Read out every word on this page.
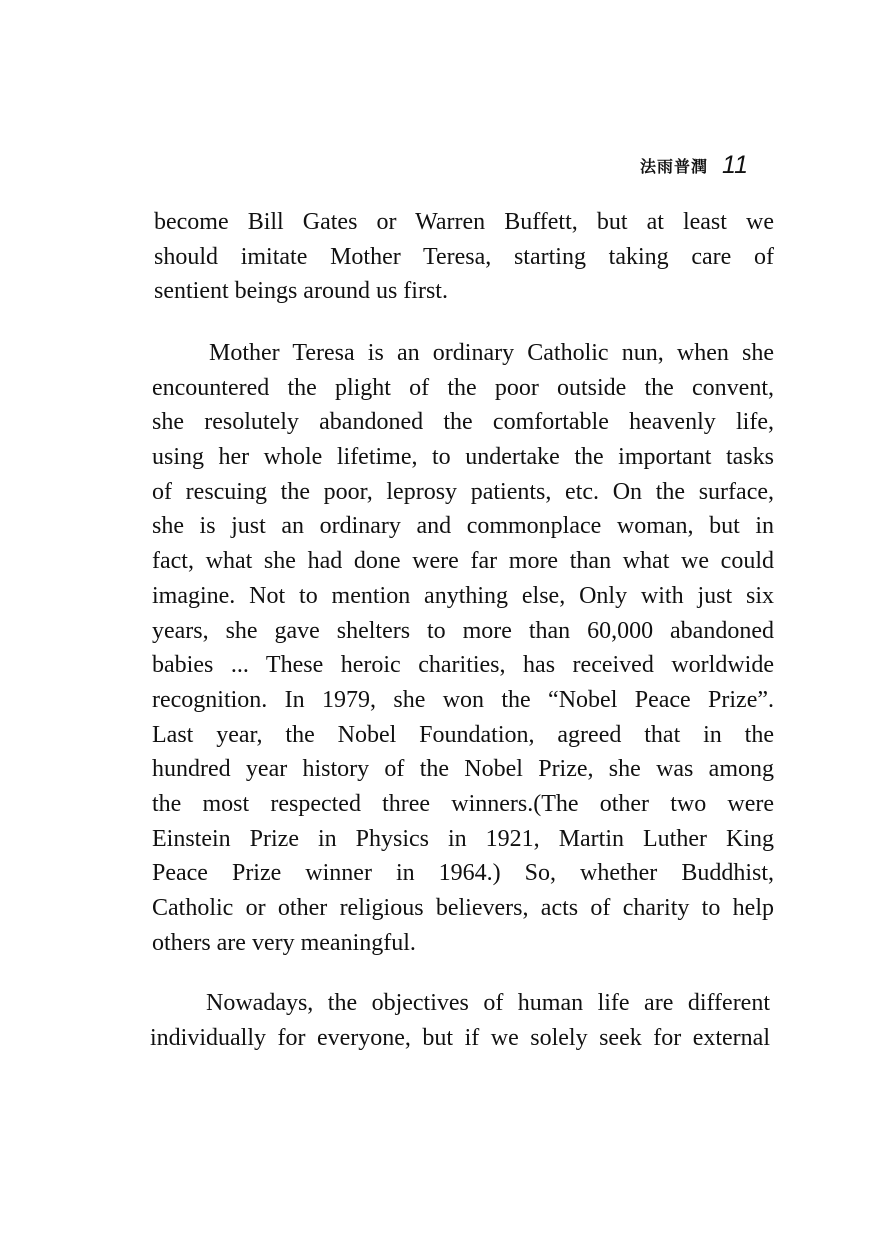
法雨普潤 11
become Bill Gates or Warren Buffett, but at least we
should imitate Mother Teresa, starting taking care of
sentient beings around us first.
Mother Teresa is an ordinary Catholic nun, when she
encountered the plight of the poor outside the convent,
she resolutely abandoned the comfortable heavenly life,
using her whole lifetime, to undertake the important tasks
of rescuing the poor, leprosy patients, etc. On the surface,
she is just an ordinary and commonplace woman, but in
fact, what she had done were far more than what we could
imagine. Not to mention anything else, Only with just six
years, she gave shelters to more than 60,000 abandoned
babies ... These heroic charities, has received worldwide
recognition. In 1979, she won the “Nobel Peace Prize”.
Last year, the Nobel Foundation, agreed that in the
hundred year history of the Nobel Prize, she was among
the most respected three winners.(The other two were
Einstein Prize in Physics in 1921, Martin Luther King
Peace Prize winner in 1964.) So, whether Buddhist,
Catholic or other religious believers, acts of charity to help
others are very meaningful.
Nowadays, the objectives of human life are different
individually for everyone, but if we solely seek for external
